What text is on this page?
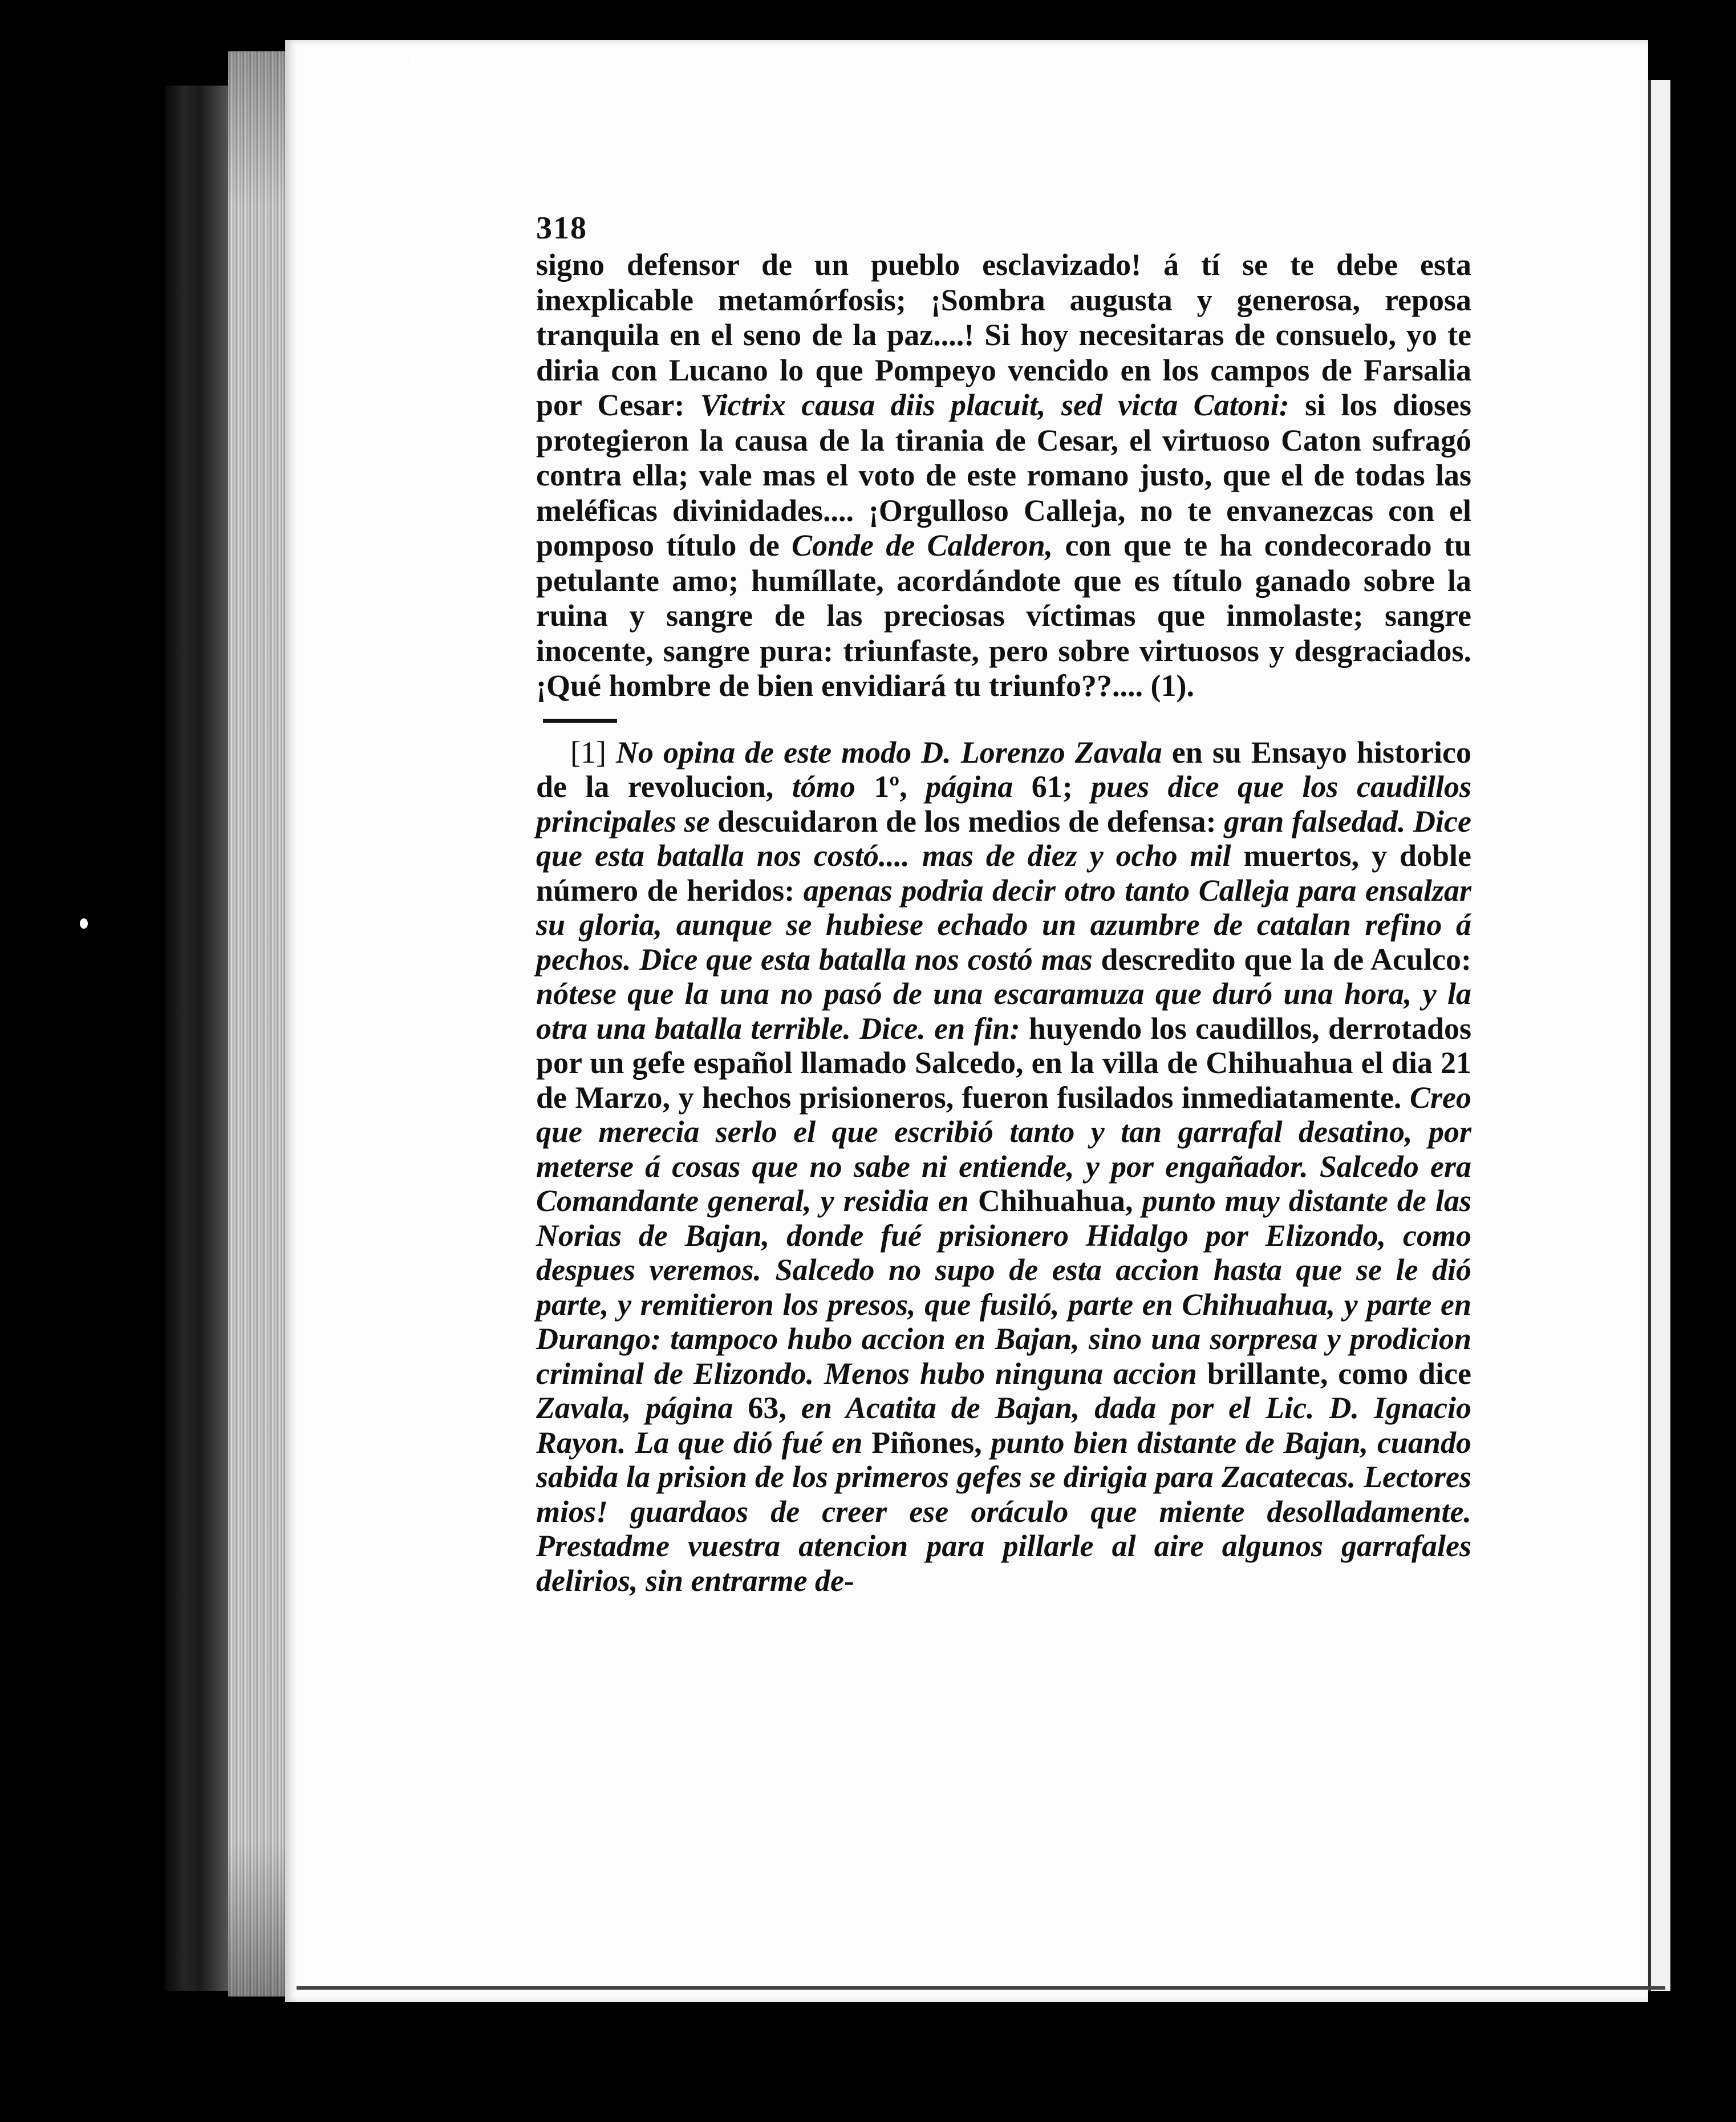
318

signo defensor de un pueblo esclavizado! á tí se te debe esta inexplicable metamórfosis; ¡Sombra augusta y generosa, reposa tranquila en el seno de la paz....! Si hoy necesitaras de consuelo, yo te diria con Lucano lo que Pompeyo vencido en los campos de Farsalia por Cesar: Victrix causa diis placuit, sed victa Catoni: si los dioses protegieron la causa de la tirania de Cesar, el virtuoso Caton sufragó contra ella; vale mas el voto de este romano justo, que el de todas las meléficas divinidades.... ¡Orgulloso Calleja, no te envanezcas con el pomposo título de Conde de Calderon, con que te ha condecorado tu petulante amo; humíllate, acordándote que es título ganado sobre la ruina y sangre de las preciosas víctimas que inmolaste; sangre inocente, sangre pura: triunfaste, pero sobre virtuosos y desgraciados. ¡Qué hombre de bien envidiará tu triunfo??.... (1).

[1] No opina de este modo D. Lorenzo Zavala en su Ensayo historico de la revolucion, tómo 1º, página 61; pues dice que los caudillos principales se descuidaron de los medios de defensa: gran falsedad. Dice que esta batalla nos costó.... mas de diez y ocho mil muertos, y doble número de heridos: apenas podria decir otro tanto Calleja para ensalzar su gloria, aunque se hubiese echado un azumbre de catalan refino á pechos. Dice que esta batalla nos costó mas descredito que la de Aculco: nótese que la una no pasó de una escaramuza que duró una hora, y la otra una batalla terrible. Dice. en fin: huyendo los caudillos, derrotados por un gefe español llamado Salcedo, en la villa de Chihuahua el dia 21 de Marzo, y hechos prisioneros, fueron fusilados inmediatamente. Creo que merecia serlo el que escribió tanto y tan garrafal desatino, por meterse á cosas que no sabe ni entiende, y por engañador. Salcedo era Comandante general, y residia en Chihuahua, punto muy distante de las Norias de Bajan, donde fué prisionero Hidalgo por Elizondo, como despues veremos. Salcedo no supo de esta accion hasta que se le dió parte, y remitieron los presos, que fusiló, parte en Chihuahua, y parte en Durango: tampoco hubo accion en Bajan, sino una sorpresa y prodicion criminal de Elizondo. Menos hubo ninguna accion brillante, como dice Zavala, página 63, en Acatita de Bajan, dada por el Lic. D. Ignacio Rayon. La que dió fué en Piñones, punto bien distante de Bajan, cuando sabida la prision de los primeros gefes se dirigia para Zacatecas. Lectores mios! guardaos de creer ese oráculo que miente desolladamente. Prestadme vuestra atencion para pillarle al aire algunos garrafales delirios, sin entrarme de-
